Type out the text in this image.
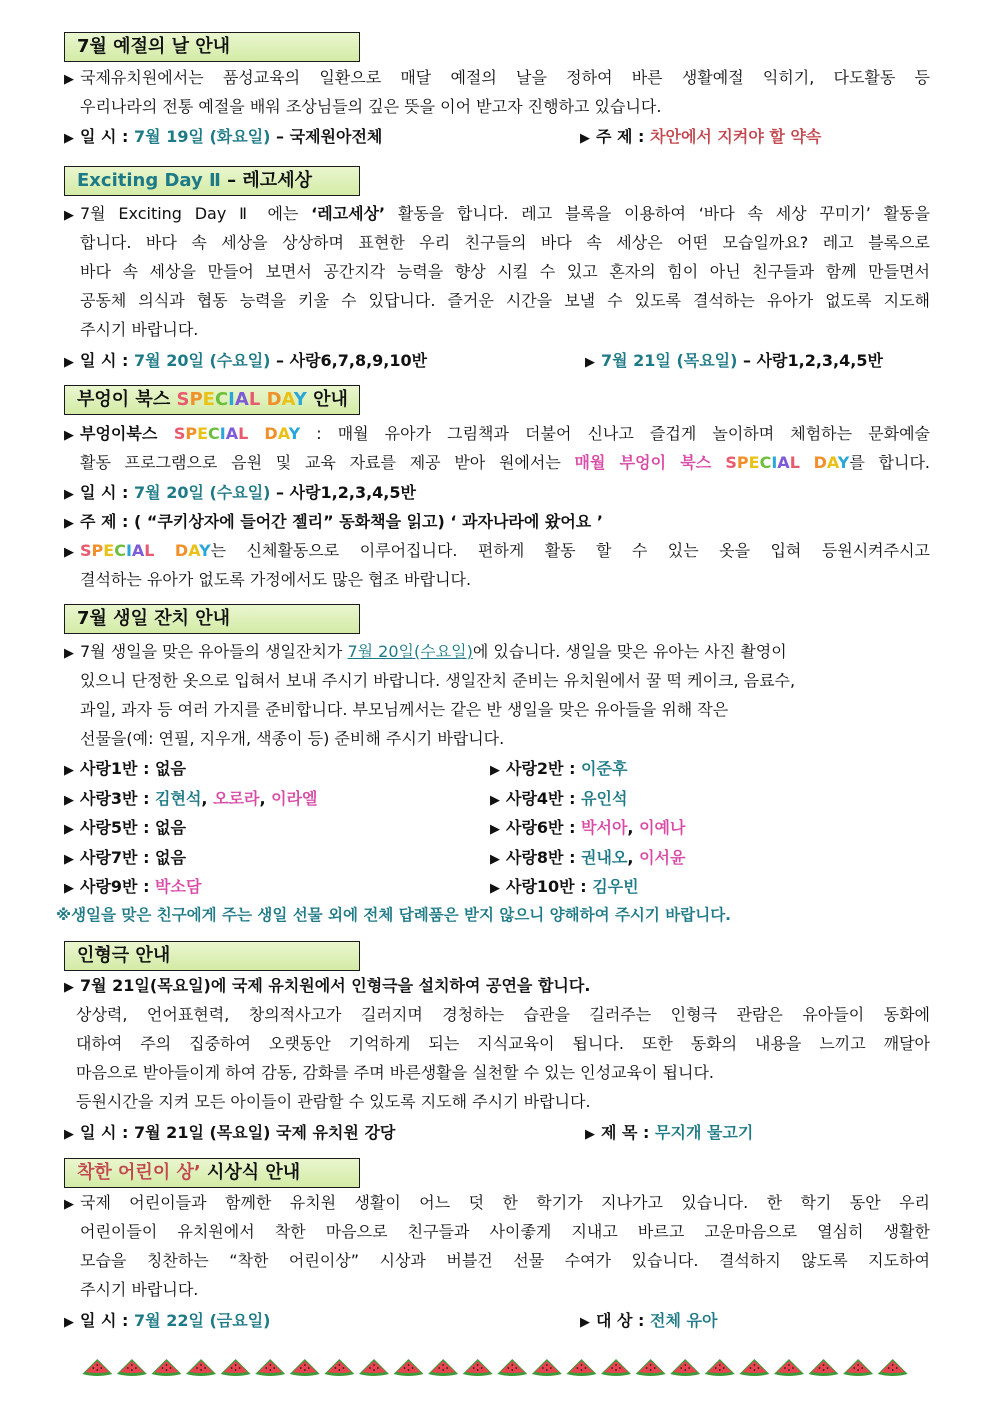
7월 예절의 날 안내
▶ 국제유치원에서는 품성교육의 일환으로 매달 예절의 날을 정하여 바른 생활예절 익히기, 다도활동 등
우리나라의 전통 예절을 배워 조상님들의 깊은 뜻을 이어 받고자 진행하고 있습니다.
▶ 일 시 : 7월 19일 (화요일) – 국제원아전체	▶ 주 제 : 차안에서 지켜야 할 약속
Exciting Day Ⅱ – 레고세상
▶ 7월 Exciting Day Ⅱ 에는 ‘레고세상’ 활동을 합니다. 레고 블록을 이용하여 ‘바다 속 세상 꾸미기’ 활동을
합니다. 바다 속 세상을 상상하며 표현한 우리 친구들의 바다 속 세상은 어떤 모습일까요? 레고 블록으로
바다 속 세상을 만들어 보면서 공간지각 능력을 향상 시킬 수 있고 혼자의 힘이 아닌 친구들과 함께 만들면서
공동체 의식과 협동 능력을 키울 수 있답니다. 즐거운 시간을 보낼 수 있도록 결석하는 유아가 없도록 지도해
주시기 바랍니다.
▶ 일 시 : 7월 20일 (수요일) – 사랑6,7,8,9,10반	▶ 7월 21일 (목요일) – 사랑1,2,3,4,5반
부엉이 북스 SPECIAL DAY 안내
▶ 부엉이북스 SPECIAL DAY : 매월 유아가 그림책과 더불어 신나고 즐겁게 놀이하며 체험하는 문화예술
활동 프로그램으로 음원 및 교육 자료를 제공 받아 원에서는 매월 부엉이 북스 SPECIAL DAY를 합니다.
▶ 일 시 : 7월 20일 (수요일) – 사랑1,2,3,4,5반
▶ 주 제 : ( “쿠키상자에 들어간 젤리” 동화책을 읽고) ‘ 과자나라에 왔어요 ’
▶ SPECIAL DAY는 신체활동으로 이루어집니다. 편하게 활동 할 수 있는 옷을 입혀 등원시켜주시고
결석하는 유아가 없도록 가정에서도 많은 협조 바랍니다.
7월 생일 잔치 안내
▶ 7월 생일을 맞은 유아들의 생일잔치가 7월 20일(수요일)에 있습니다. 생일을 맞은 유아는 사진 촬영이
있으니 단정한 옷으로 입혀서 보내 주시기 바랍니다. 생일잔치 준비는 유치원에서 꿀 떡 케이크, 음료수,
과일, 과자 등 여러 가지를 준비합니다. 부모님께서는 같은 반 생일을 맞은 유아들을 위해 작은
선물을(예: 연필, 지우개, 색종이 등) 준비해 주시기 바랍니다.
▶ 사랑1반 : 없음	▶ 사랑2반 : 이준후
▶ 사랑3반 : 김현석, 오로라, 이라엘	▶ 사랑4반 : 유인석
▶ 사랑5반 : 없음	▶ 사랑6반 : 박서아, 이예나
▶ 사랑7반 : 없음	▶ 사랑8반 : 권내오, 이서윤
▶ 사랑9반 : 박소담	▶ 사랑10반 : 김우빈
※생일을 맞은 친구에게 주는 생일 선물 외에 전체 답례품은 받지 않으니 양해하여 주시기 바랍니다.
인형극 안내
▶ 7월 21일(목요일)에 국제 유치원에서 인형극을 설치하여 공연을 합니다.
상상력, 언어표현력, 창의적사고가 길러지며 경청하는 습관을 길러주는 인형극 관람은 유아들이 동화에
대하여 주의 집중하여 오랫동안 기억하게 되는 지식교육이 됩니다. 또한 동화의 내용을 느끼고 깨달아
마음으로 받아들이게 하여 감동, 감화를 주며 바른생활을 실천할 수 있는 인성교육이 됩니다.
등원시간을 지켜 모든 아이들이 관람할 수 있도록 지도해 주시기 바랍니다.
▶ 일 시 : 7월 21일 (목요일) 국제 유치원 강당	▶ 제 목 : 무지개 물고기
착한 어린이 상’ 시상식 안내
▶ 국제 어린이들과 함께한 유치원 생활이 어느 덧 한 학기가 지나가고 있습니다. 한 학기 동안 우리
어린이들이 유치원에서 착한 마음으로 친구들과 사이좋게 지내고 바르고 고운마음으로 열심히 생활한
모습을 칭찬하는 “착한 어린이상” 시상과 버블건 선물 수여가 있습니다. 결석하지 않도록 지도하여
주시기 바랍니다.
▶ 일 시 : 7월 22일 (금요일)	▶ 대 상 : 전체 유아
